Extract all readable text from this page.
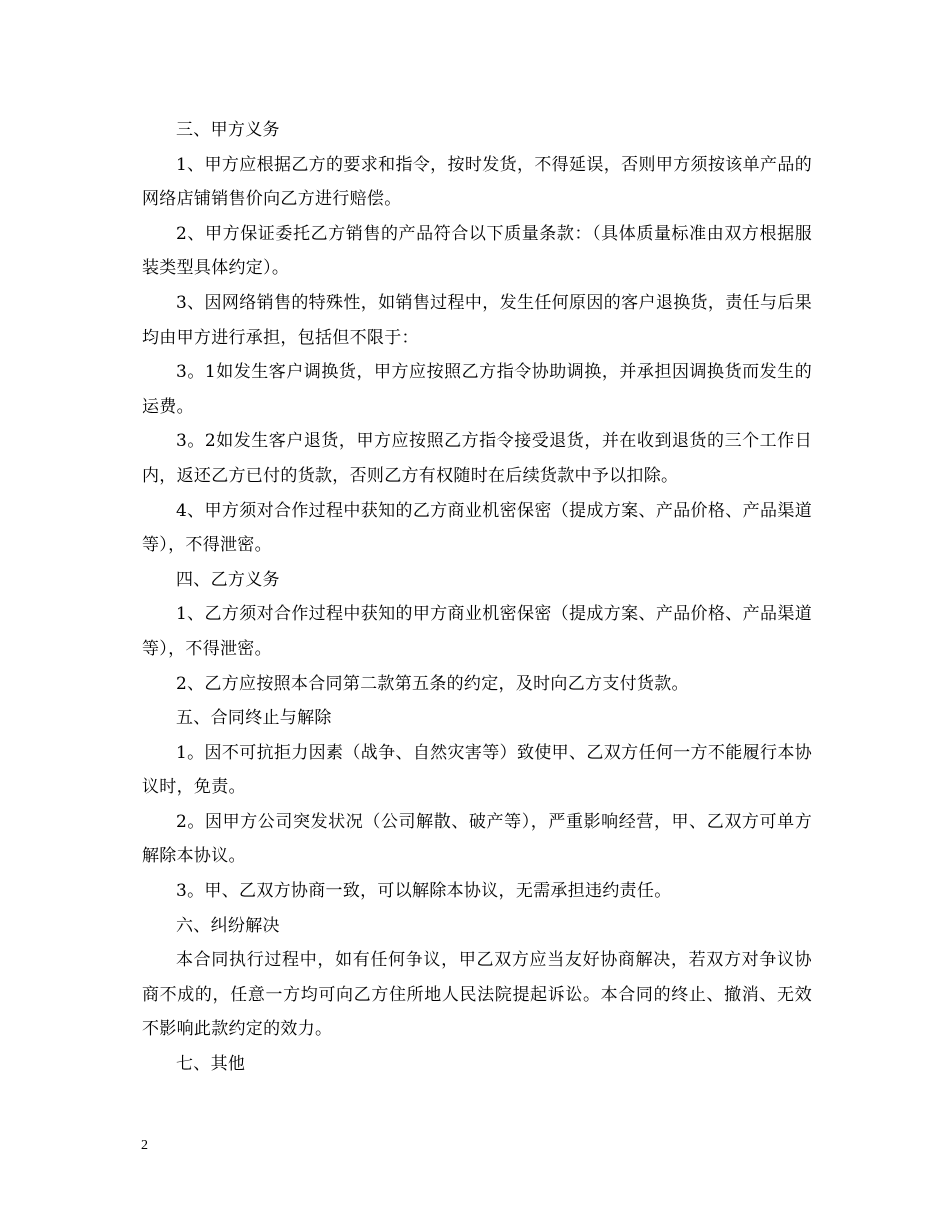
三、甲方义务

1、甲方应根据乙方的要求和指令，按时发货，不得延误，否则甲方须按该单产品的网络店铺销售价向乙方进行赔偿。

2、甲方保证委托乙方销售的产品符合以下质量条款：（具体质量标准由双方根据服装类型具体约定）。

3、因网络销售的特殊性，如销售过程中，发生任何原因的客户退换货，责任与后果均由甲方进行承担，包括但不限于：

3。1如发生客户调换货，甲方应按照乙方指令协助调换，并承担因调换货而发生的运费。

3。2如发生客户退货，甲方应按照乙方指令接受退货，并在收到退货的三个工作日内，返还乙方已付的货款，否则乙方有权随时在后续货款中予以扣除。

4、甲方须对合作过程中获知的乙方商业机密保密（提成方案、产品价格、产品渠道等），不得泄密。

四、乙方义务

1、乙方须对合作过程中获知的甲方商业机密保密（提成方案、产品价格、产品渠道等），不得泄密。

2、乙方应按照本合同第二款第五条的约定，及时向乙方支付货款。

五、合同终止与解除

1。因不可抗拒力因素（战争、自然灾害等）致使甲、乙双方任何一方不能履行本协议时，免责。

2。因甲方公司突发状况（公司解散、破产等），严重影响经营，甲、乙双方可单方解除本协议。

3。甲、乙双方协商一致，可以解除本协议，无需承担违约责任。

六、纠纷解决

本合同执行过程中，如有任何争议，甲乙双方应当友好协商解决，若双方对争议协商不成的，任意一方均可向乙方住所地人民法院提起诉讼。本合同的终止、撤消、无效不影响此款约定的效力。

七、其他

2
